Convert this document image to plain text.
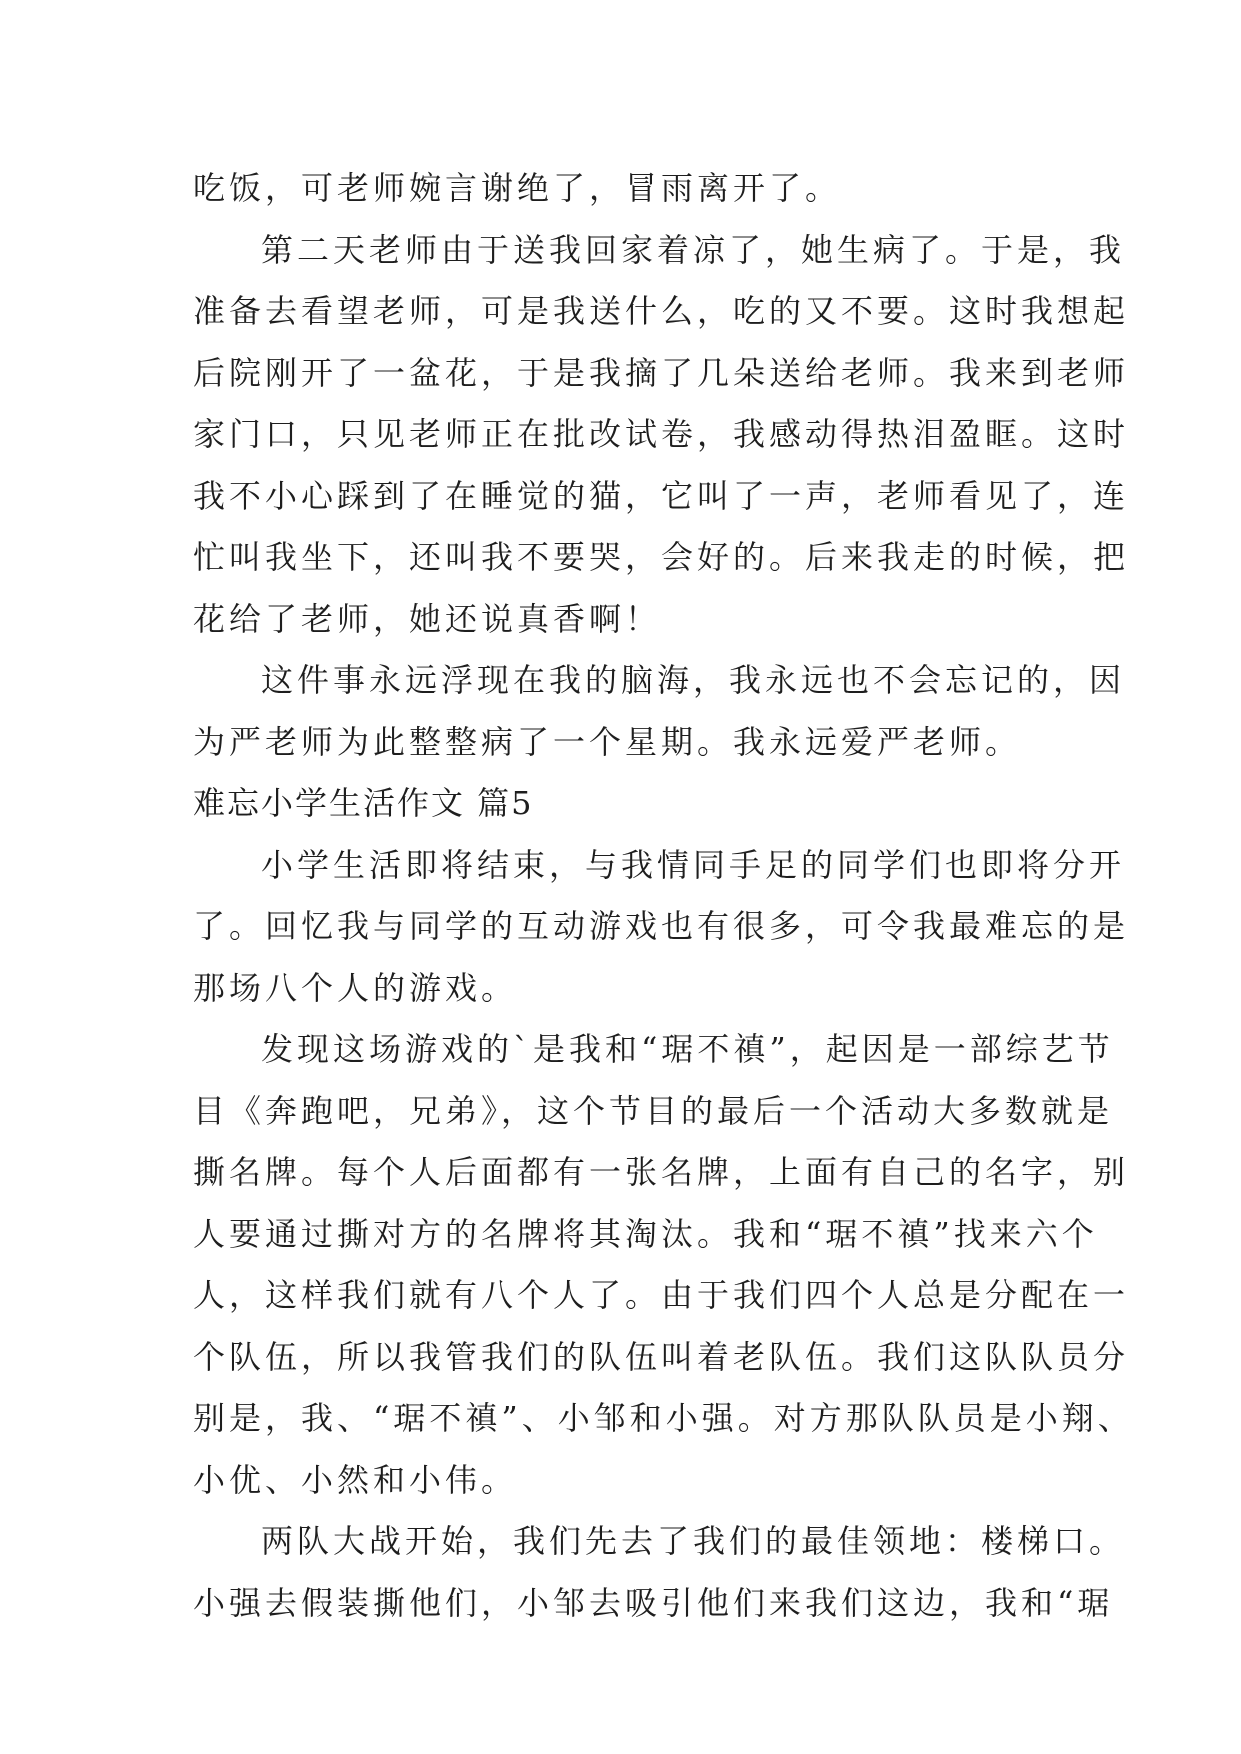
吃饭，可老师婉言谢绝了，冒雨离开了。

第二天老师由于送我回家着凉了，她生病了。于是，我

准备去看望老师，可是我送什么，吃的又不要。这时我想起

后院刚开了一盆花，于是我摘了几朵送给老师。我来到老师

家门口，只见老师正在批改试卷，我感动得热泪盈眶。这时

我不小心踩到了在睡觉的猫，它叫了一声，老师看见了，连

忙叫我坐下，还叫我不要哭，会好的。后来我走的时候，把

花给了老师，她还说真香啊！

这件事永远浮现在我的脑海，我永远也不会忘记的，因

为严老师为此整整病了一个星期。我永远爱严老师。

难忘小学生活作文 篇5

小学生活即将结束，与我情同手足的同学们也即将分开

了。回忆我与同学的互动游戏也有很多，可令我最难忘的是

那场八个人的游戏。

发现这场游戏的`是我和“琚不禛”，起因是一部综艺节

目《奔跑吧，兄弟》，这个节目的最后一个活动大多数就是

撕名牌。每个人后面都有一张名牌，上面有自己的名字，别

人要通过撕对方的名牌将其淘汰。我和“琚不禛”找来六个

人，这样我们就有八个人了。由于我们四个人总是分配在一

个队伍，所以我管我们的队伍叫着老队伍。我们这队队员分

别是，我、“琚不禛”、小邹和小强。对方那队队员是小翔、

小优、小然和小伟。

两队大战开始，我们先去了我们的最佳领地：楼梯口。

小强去假装撕他们，小邹去吸引他们来我们这边，我和“琚
